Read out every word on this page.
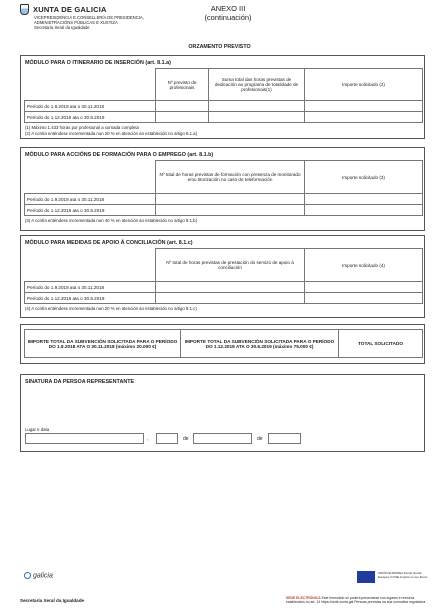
XUNTA DE GALICIA
VICEPRESIDENCIA E CONSELLERÍA DE PRESIDENCIA,
ADMINISTRACIÓNS PÚBLICAS E XUSTIZA
Secretaría Xeral da Igualdade
ANEXO III
(continuación)
ORZAMENTO PREVISTO
MÓDULO PARA O ITINERARIO DE INSERCIÓN (art. 8.1.a)
	Nº previsto de profesionais	Suma total das horas previstas de dedicación ao programa de totalidade de profesionais(1)	Importe solicitado (2)
Período do 1.9.2018 ata o 30.11.2018			
Período do 1.12.2018 ata o 30.6.2019			
(1) Máximo 1.433 horas por profesional a xornada completa
(2) A contía enténdese incrementada nun 20 % en atención ao establecido no artigo 8.1.a)
MÓDULO PARA ACCIÓNS DE FORMACIÓN PARA O EMPREGO (art. 8.1.b)
	Nº total de horas previstas de formación con presenza de monitorado e/ou titorización no caso de teleformación	Importe solicitado (3)
Período do 1.9.2018 ata o 30.11.2018		
Período do 1.12.2018 ata o 30.6.2019		
(3) A contía enténdese incrementada nun 40 % en atención ao establecido no artigo 8.1.b)
MÓDULO PARA MEDIDAS DE APOIO Á CONCILIACIÓN (art. 8.1.c)
	Nº total de horas previstas de prestación do servizo de apoio á conciliación	Importe solicitado (4)
Período do 1.9.2018 ata o 30.11.2018		
Período do 1.12.2018 ata o 30.6.2019		
(4) A contía enténdese incrementada nun 20 % en atención ao establecido no artigo 8.1.c)
IMPORTE TOTAL DA SUBVENCIÓN SOLICITADA PARA O PERÍODO DO 1.9.2018 ATA O 30.11.2018 (máximo 20.000 €)	IMPORTE TOTAL DA SUBVENCIÓN SOLICITADA PARA O PERÍODO DO 1.12.2018 ATA O 30.6.2019 (máximo 75.000 €)	TOTAL SOLICITADO
SINATURA DA PERSOA REPRESENTANTE
Lugar e data
,	de	de
galicia	UNIÓN EUROPEA Fondo Social Europeo O FSE invierte no teu futuro
Secretaría Xeral da Igualdade	SEDE ELECTRÓNICA Este formulario só poderá presentarse nos lugares e rexistros establecidos no art. 14 https://sede.xunta.gal Persoas previstas na súa normativa reguladora
